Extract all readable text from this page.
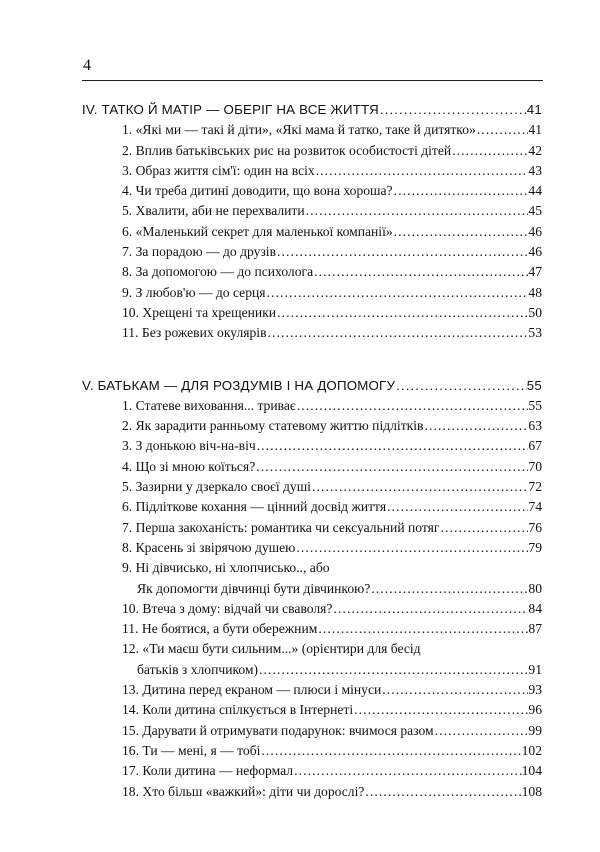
4
IV. ТАТКО Й МАТІР — ОБЕРІГ НА ВСЕ ЖИТТЯ .....	41
1. «Які ми — такі й діти», «Які мама й татко, таке й дитятко» .....	41
2. Вплив батьківських рис на розвиток особистості дітей .....	42
3. Образ життя сім'ї: один на всіх .....	43
4. Чи треба дитині доводити, що вона хороша? .....	44
5. Хвалити, аби не перехвалити .....	45
6. «Маленький секрет для маленької компанії» .....	46
7. За порадою — до друзів .....	46
8. За допомогою — до психолога .....	47
9. З любов'ю — до серця .....	48
10. Хрещені та хрещеники .....	50
11. Без рожевих окулярів .....	53
V. БАТЬКАМ — ДЛЯ РОЗДУМІВ І НА ДОПОМОГУ .....	55
1. Статеве виховання... триває .....	55
2. Як зарадити ранньому статевому життю підлітків .....	63
3. З донькою віч-на-віч .....	67
4. Що зі мною коїться? .....	70
5. Зазирни у дзеркало своєї душі .....	72
6. Підліткове кохання — цінний досвід життя .....	74
7. Перша закоханість: романтика чи сексуальний потяг .....	76
8. Красень зі звірячою душею .....	79
9. Ні дівчисько, ні хлопчисько.., або
Як допомогти дівчинці бути дівчинкою? .....	80
10. Втеча з дому: відчай чи сваволя? .....	84
11. Не боятися, а бути обережним .....	87
12. «Ти маєш бути сильним...» (орієнтири для бесід
батьків з хлопчиком) .....	91
13. Дитина перед екраном — плюси і мінуси .....	93
14. Коли дитина спілкується в Інтернеті .....	96
15. Дарувати й отримувати подарунок: вчимося разом .....	99
16. Ти — мені, я — тобі .....	102
17. Коли дитина — неформал .....	104
18. Хто більш «важкий»: діти чи дорослі? .....	108
